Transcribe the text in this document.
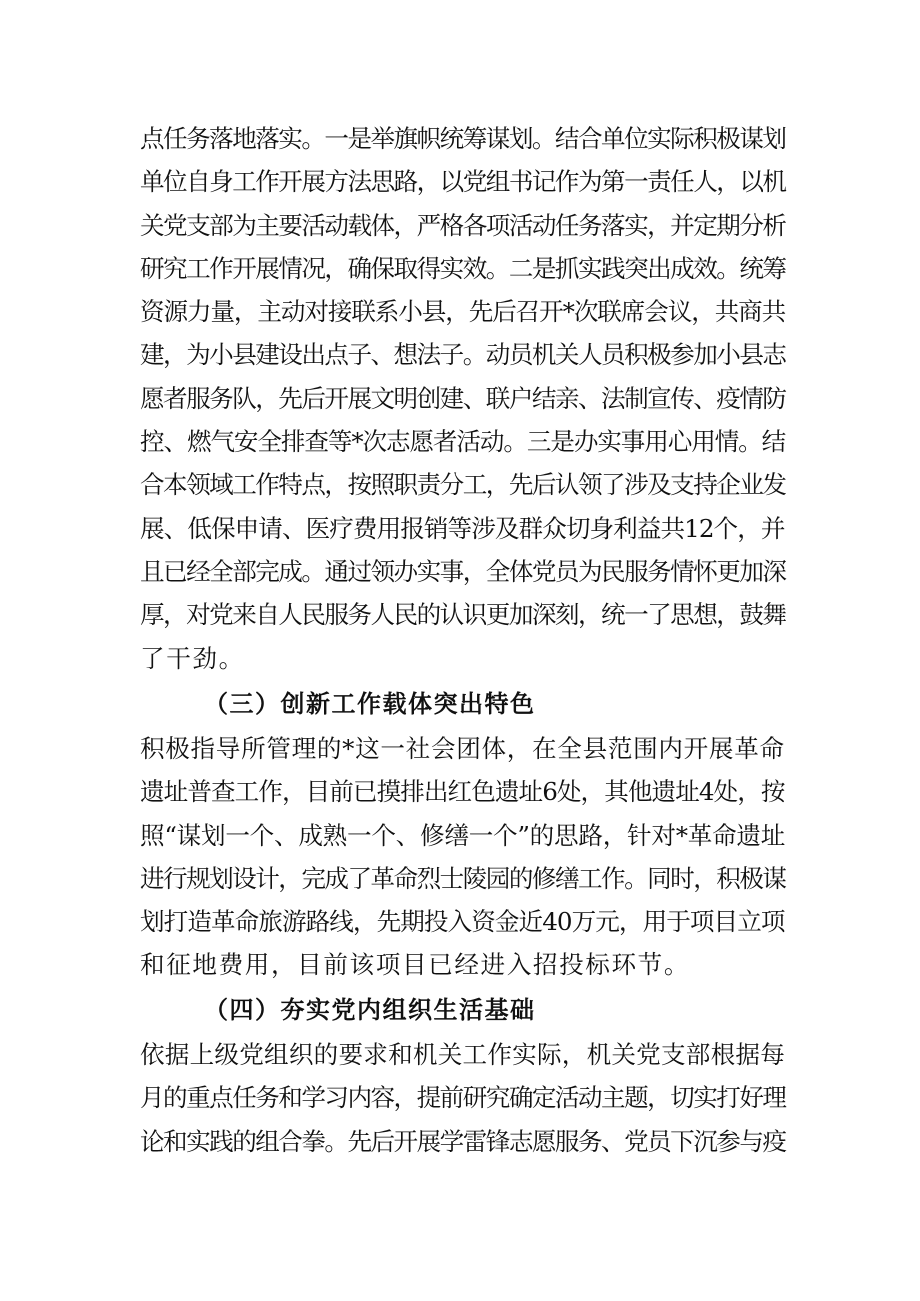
点任务落地落实。一是举旗帜统筹谋划。结合单位实际积极谋划
单位自身工作开展方法思路，以党组书记作为第一责任人，以机
关党支部为主要活动载体，严格各项活动任务落实，并定期分析
研究工作开展情况，确保取得实效。二是抓实践突出成效。统筹
资源力量，主动对接联系小县，先后召开*次联席会议，共商共
建，为小县建设出点子、想法子。动员机关人员积极参加小县志
愿者服务队，先后开展文明创建、联户结亲、法制宣传、疫情防
控、燃气安全排查等*次志愿者活动。三是办实事用心用情。结
合本领域工作特点，按照职责分工，先后认领了涉及支持企业发
展、低保申请、医疗费用报销等涉及群众切身利益共12个，并
且已经全部完成。通过领办实事，全体党员为民服务情怀更加深
厚，对党来自人民服务人民的认识更加深刻，统一了思想，鼓舞
了干劲。
（三）创新工作载体突出特色
积极指导所管理的*这一社会团体，在全县范围内开展革命
遗址普查工作，目前已摸排出红色遗址6处，其他遗址4处，按
照“谋划一个、成熟一个、修缮一个”的思路，针对*革命遗址
进行规划设计，完成了革命烈士陵园的修缮工作。同时，积极谋
划打造革命旅游路线，先期投入资金近40万元，用于项目立项
和征地费用，目前该项目已经进入招投标环节。
（四）夯实党内组织生活基础
依据上级党组织的要求和机关工作实际，机关党支部根据每
月的重点任务和学习内容，提前研究确定活动主题，切实打好理
论和实践的组合拳。先后开展学雷锋志愿服务、党员下沉参与疫
